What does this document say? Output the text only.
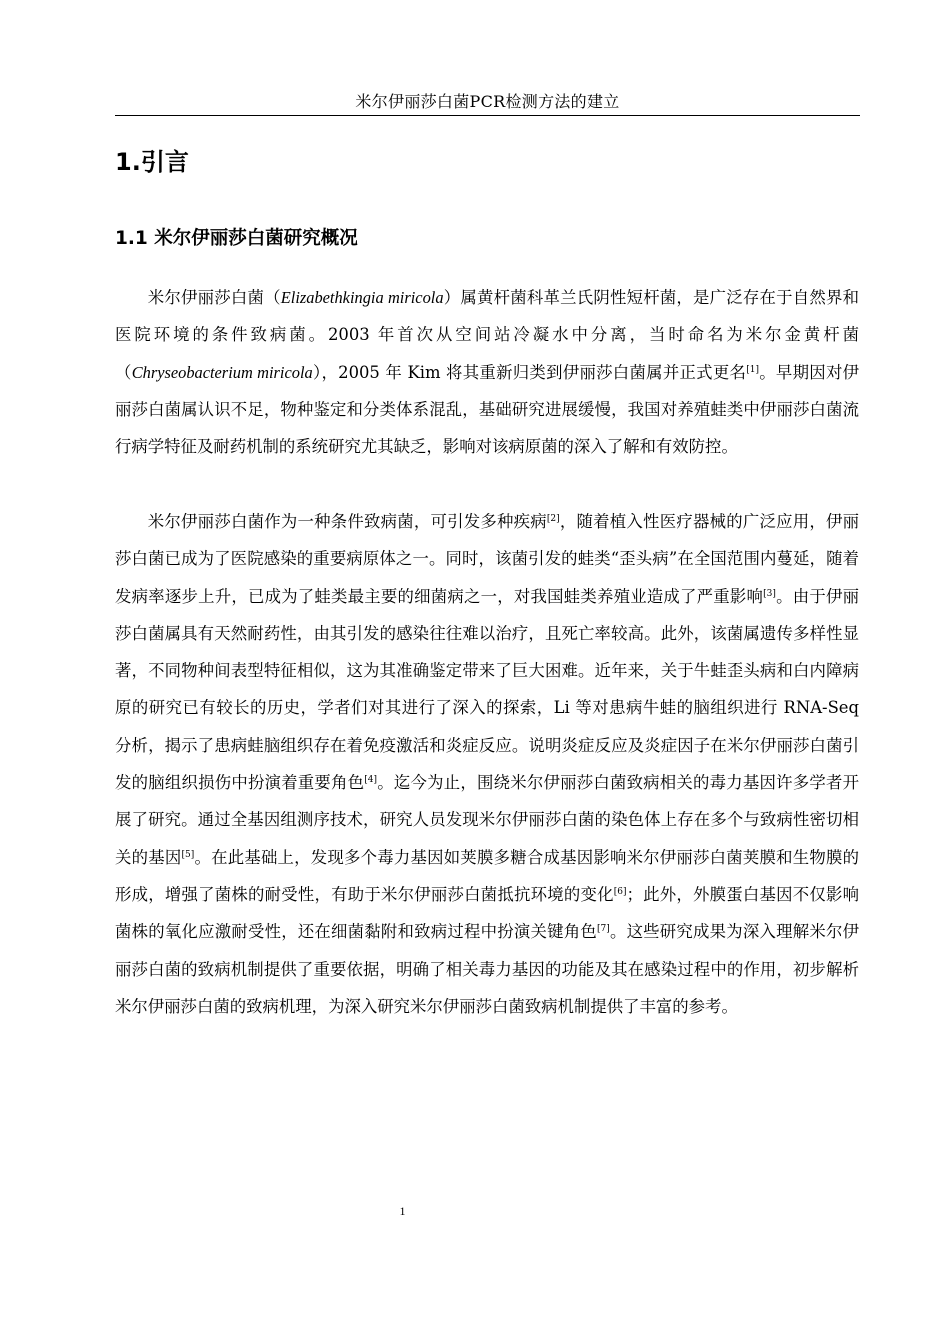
米尔伊丽莎白菌PCR检测方法的建立
1.引言
1.1 米尔伊丽莎白菌研究概况

米尔伊丽莎白菌（Elizabethkingia miricola）属黄杆菌科革兰氏阴性短杆菌，是广泛存在于自然界和医院环境的条件致病菌。2003 年首次从空间站冷凝水中分离，当时命名为米尔金黄杆菌（Chryseobacterium miricola），2005 年 Kim 将其重新归类到伊丽莎白菌属并正式更名[1]。早期因对伊丽莎白菌属认识不足，物种鉴定和分类体系混乱，基础研究进展缓慢，我国对养殖蛙类中伊丽莎白菌流行病学特征及耐药机制的系统研究尤其缺乏，影响对该病原菌的深入了解和有效防控。

米尔伊丽莎白菌作为一种条件致病菌，可引发多种疾病[2]，随着植入性医疗器械的广泛应用，伊丽莎白菌已成为了医院感染的重要病原体之一。同时，该菌引发的蛙类“歪头病”在全国范围内蔓延，随着发病率逐步上升，已成为了蛙类最主要的细菌病之一，对我国蛙类养殖业造成了严重影响[3]。由于伊丽莎白菌属具有天然耐药性，由其引发的感染往往难以治疗，且死亡率较高。此外，该菌属遗传多样性显著，不同物种间表型特征相似，这为其准确鉴定带来了巨大困难。近年来，关于牛蛙歪头病和白内障病原的研究已有较长的历史，学者们对其进行了深入的探索，Li 等对患病牛蛙的脑组织进行 RNA-Seq 分析，揭示了患病蛙脑组织存在着免疫激活和炎症反应。说明炎症反应及炎症因子在米尔伊丽莎白菌引发的脑组织损伤中扮演着重要角色[4]。迄今为止，围绕米尔伊丽莎白菌致病相关的毒力基因许多学者开展了研究。通过全基因组测序技术，研究人员发现米尔伊丽莎白菌的染色体上存在多个与致病性密切相关的基因[5]。在此基础上，发现多个毒力基因如荚膜多糖合成基因影响米尔伊丽莎白菌荚膜和生物膜的形成，增强了菌株的耐受性，有助于米尔伊丽莎白菌抵抗环境的变化[6]；此外，外膜蛋白基因不仅影响菌株的氧化应激耐受性，还在细菌黏附和致病过程中扮演关键角色[7]。这些研究成果为深入理解米尔伊丽莎白菌的致病机制提供了重要依据，明确了相关毒力基因的功能及其在感染过程中的作用，初步解析米尔伊丽莎白菌的致病机理，为深入研究米尔伊丽莎白菌致病机制提供了丰富的参考。

1
